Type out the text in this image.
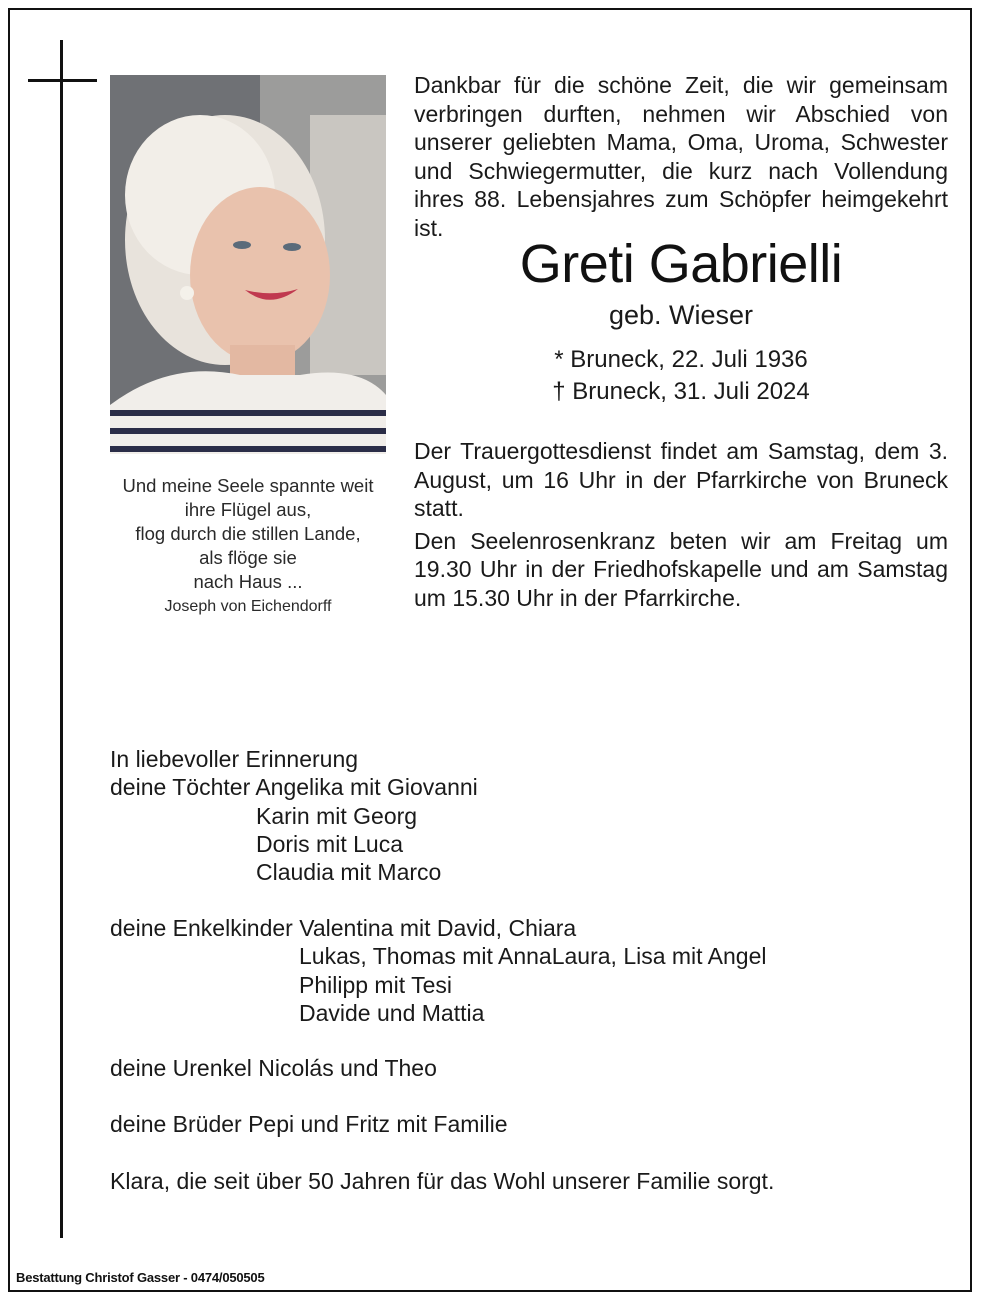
Und meine Seele spannte weit
ihre Flügel aus,
flog durch die stillen Lande,
als flöge sie
nach Haus ...
Joseph von Eichendorff
Dankbar für die schöne Zeit, die wir gemeinsam verbringen durften, nehmen wir Abschied von unserer geliebten Mama, Oma, Uroma, Schwester und Schwiegermutter, die kurz nach Vollendung ihres 88. Lebensjahres zum Schöpfer heimgekehrt ist.
Greti Gabrielli
geb. Wieser
* Bruneck, 22. Juli 1936
† Bruneck, 31. Juli 2024

Der Trauergottesdienst findet am Samstag, dem 3. August, um 16 Uhr in der Pfarrkirche von Bruneck statt.

Den Seelenrosenkranz beten wir am Freitag um 19.30 Uhr in der Friedhofskapelle und am Samstag um 15.30 Uhr in der Pfarrkirche.

In liebevoller Erinnerung
deine Töchter Angelika mit Giovanni
Karin mit Georg
Doris mit Luca
Claudia mit Marco
deine Enkelkinder Valentina mit David, Chiara
Lukas, Thomas mit AnnaLaura, Lisa mit Angel
Philipp mit Tesi
Davide und Mattia
deine Urenkel Nicolás und Theo
deine Brüder Pepi und Fritz mit Familie
Klara, die seit über 50 Jahren für das Wohl unserer Familie sorgt.
Bestattung Christof Gasser - 0474/050505
